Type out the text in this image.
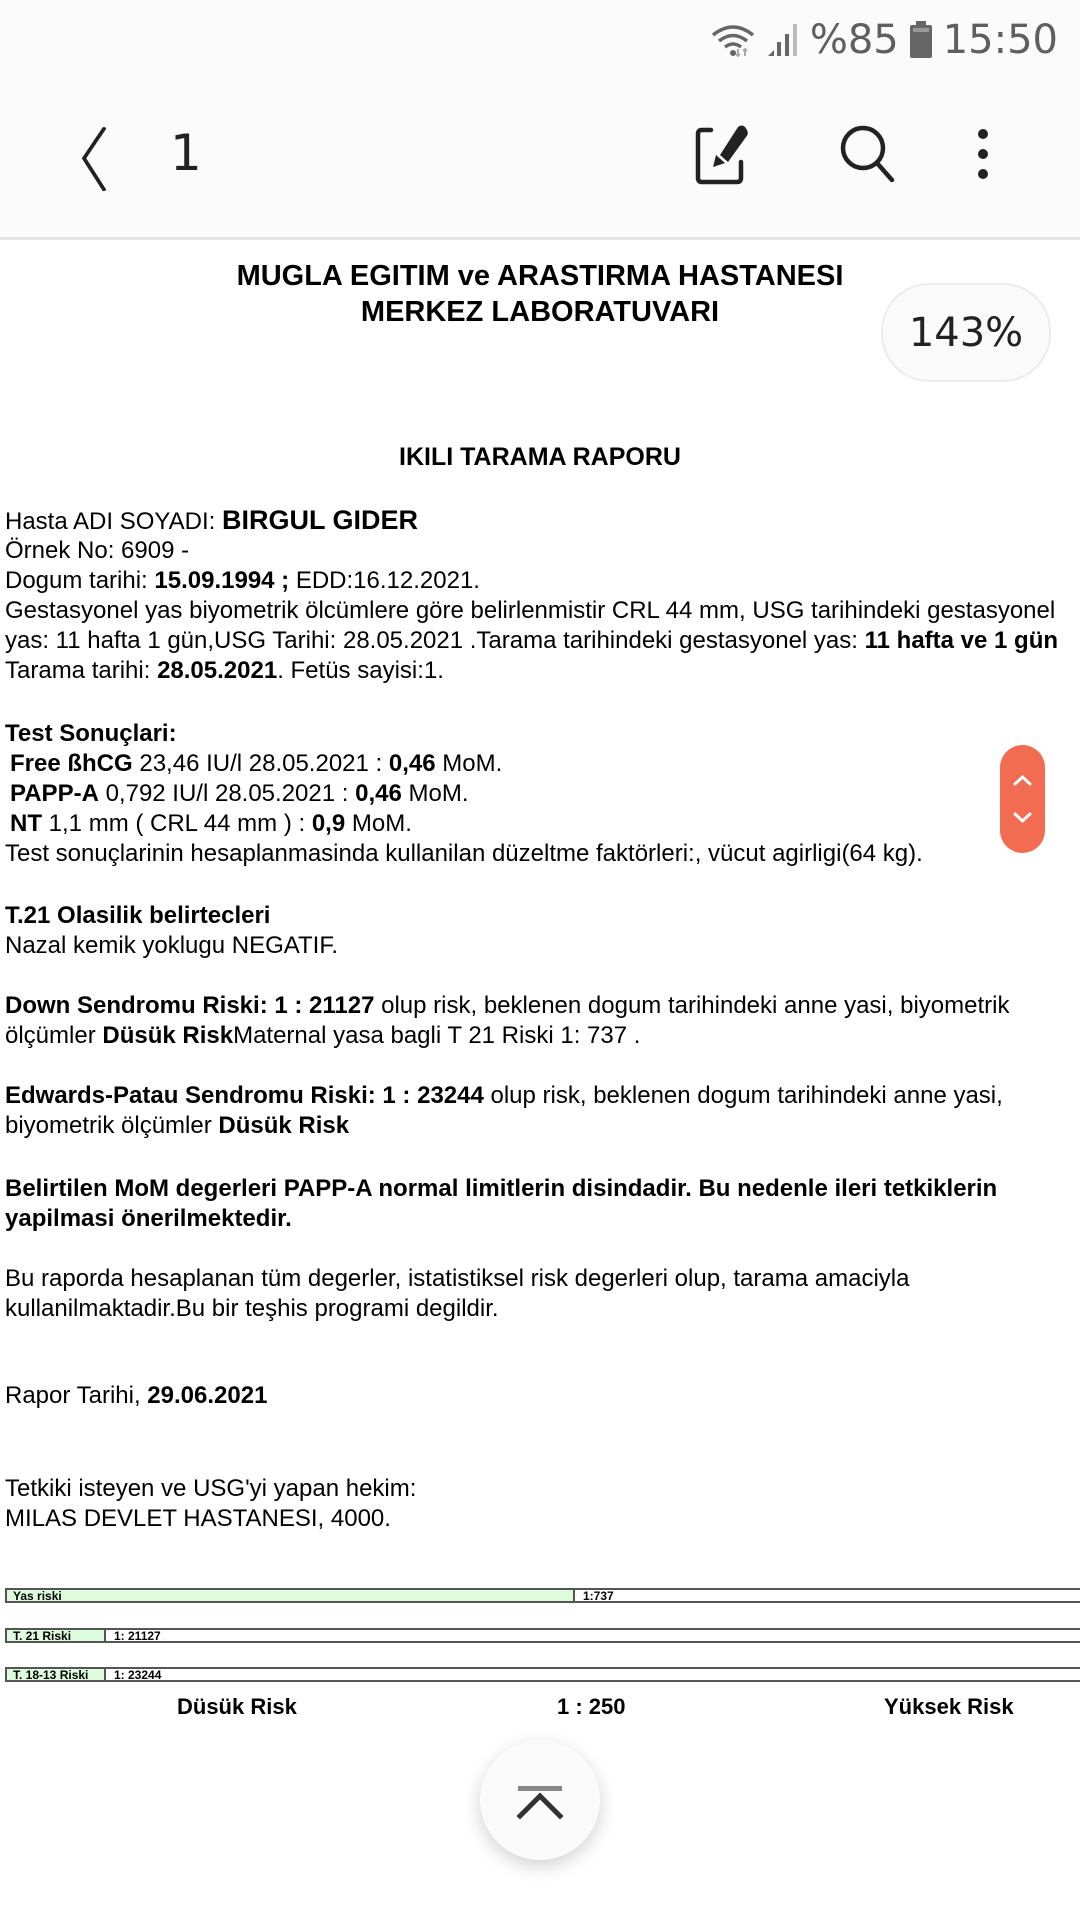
%85 15:50
1
MUGLA EGITIM ve ARASTIRMA HASTANESI
MERKEZ LABORATUVARI
IKILI TARAMA RAPORU
Hasta ADI SOYADI: BIRGUL GIDER
Örnek No: 6909 -
Dogum tarihi: 15.09.1994 ; EDD:16.12.2021.
Gestasyonel yas biyometrik ölcümlere göre belirlenmistir CRL 44 mm, USG tarihindeki gestasyonel
yas: 11 hafta 1 gün,USG Tarihi: 28.05.2021 .Tarama tarihindeki gestasyonel yas: 11 hafta ve 1 gün
Tarama tarihi: 28.05.2021. Fetüs sayisi:1.
Test Sonuçlari:
Free ßhCG 23,46 IU/l 28.05.2021 : 0,46 MoM.
PAPP-A 0,792 IU/l 28.05.2021 : 0,46 MoM.
NT 1,1 mm ( CRL 44 mm ) : 0,9 MoM.
Test sonuçlarinin hesaplanmasinda kullanilan düzeltme faktörleri:, vücut agirligi(64 kg).
T.21 Olasilik belirtecleri
Nazal kemik yoklugu NEGATIF.
Down Sendromu Riski: 1 : 21127 olup risk, beklenen dogum tarihindeki anne yasi, biyometrik
ölçümler Düsük RiskMaternal yasa bagli T 21 Riski 1: 737 .
Edwards-Patau Sendromu Riski: 1 : 23244 olup risk, beklenen dogum tarihindeki anne yasi,
biyometrik ölçümler Düsük Risk
Belirtilen MoM degerleri PAPP-A normal limitlerin disindadir. Bu nedenle ileri tetkiklerin
yapilmasi önerilmektedir.
Bu raporda hesaplanan tüm degerler, istatistiksel risk degerleri olup, tarama amaciyla
kullanilmaktadir.Bu bir teşhis programi degildir.
Rapor Tarihi, 29.06.2021
Tetkiki isteyen ve USG'yi yapan hekim:
MILAS DEVLET HASTANESI, 4000.
Yas riski	1:737
T. 21 Riski	1: 21127
T. 18-13 Riski	1: 23244
Düsük Risk	1 : 250	Yüksek Risk
143%
